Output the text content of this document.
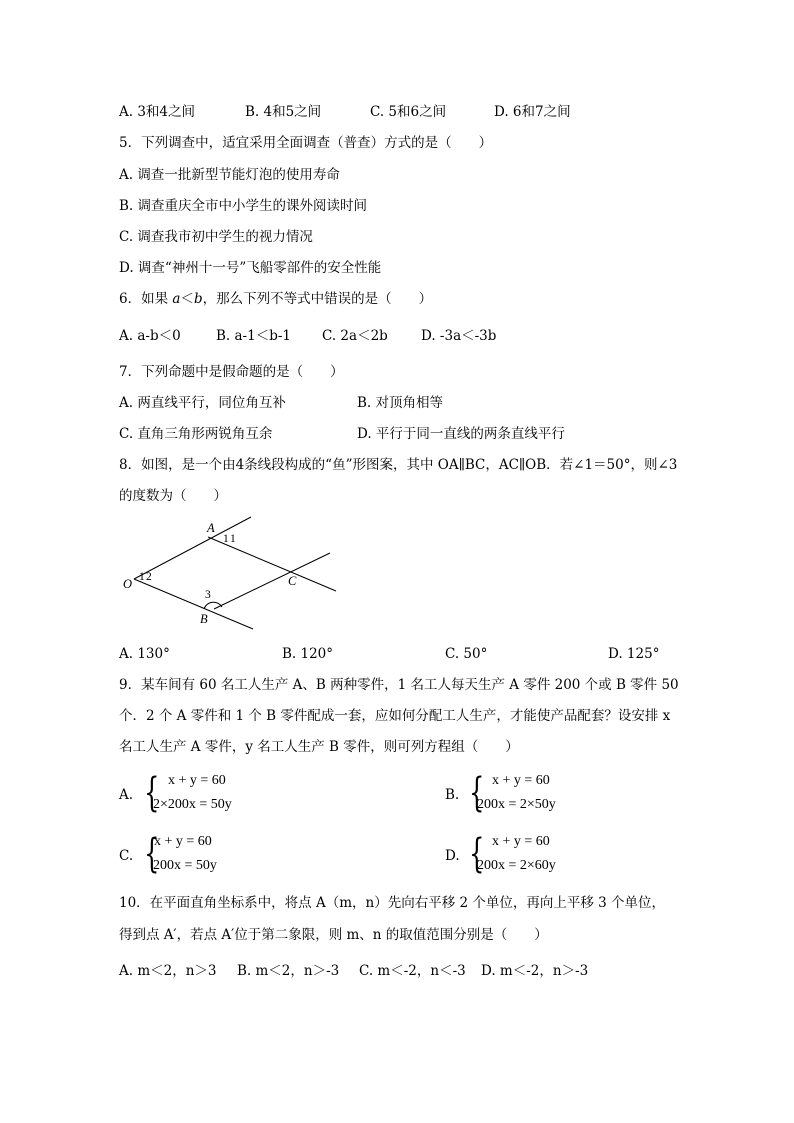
A. 3和4之间	B. 4和5之间	C. 5和6之间	D. 6和7之间
5．下列调查中，适宜采用全面调查（普查）方式的是（　　）
A. 调查一批新型节能灯泡的使用寿命
B. 调查重庆全市中小学生的课外阅读时间
C. 调查我市初中学生的视力情况
D. 调查“神州十一号”飞船零部件的安全性能
6．如果 a＜b，那么下列不等式中错误的是（　　）
A. a-b＜0	B. a-1＜b-1 C. 2a＜2b D. -3a＜-3b
7．下列命题中是假命题的是（　　）
A. 两直线平行，同位角互补	B. 对顶角相等
C. 直角三角形两锐角互余	D. 平行于同一直线的两条直线平行
8．如图，是一个由4条线段构成的“鱼”形图案，其中 OA∥BC，AC∥OB．若∠1＝50°，则∠3
的度数为（　　）
A
1 1
O 1 2	C
3
B
A. 130°	B. 120°	C. 50°	D. 125°
9．某车间有 60 名工人生产 A、B 两种零件，1 名工人每天生产 A 零件 200 个或 B 零件 50
个．2 个 A 零件和 1 个 B 零件配成一套，应如何分配工人生产，才能使产品配套？设安排 x
名工人生产 A 零件，y 名工人生产 B 零件，则可列方程组（　　）
A. { x + y = 60
2×200x = 50y
B. { x + y = 60
200x = 2×50y
C. {
x + y = 60
200x = 50y
D. { x + y = 60
200x = 2×60y
10．在平面直角坐标系中，将点 A（m，n）先向右平移 2 个单位，再向上平移 3 个单位，
得到点 A′，若点 A′位于第二象限，则 m、n 的取值范围分别是（　　）
A. m＜2，n＞3 B. m＜2，n＞-3 C. m＜-2，n＜-3 D. m＜-2，n＞-3
